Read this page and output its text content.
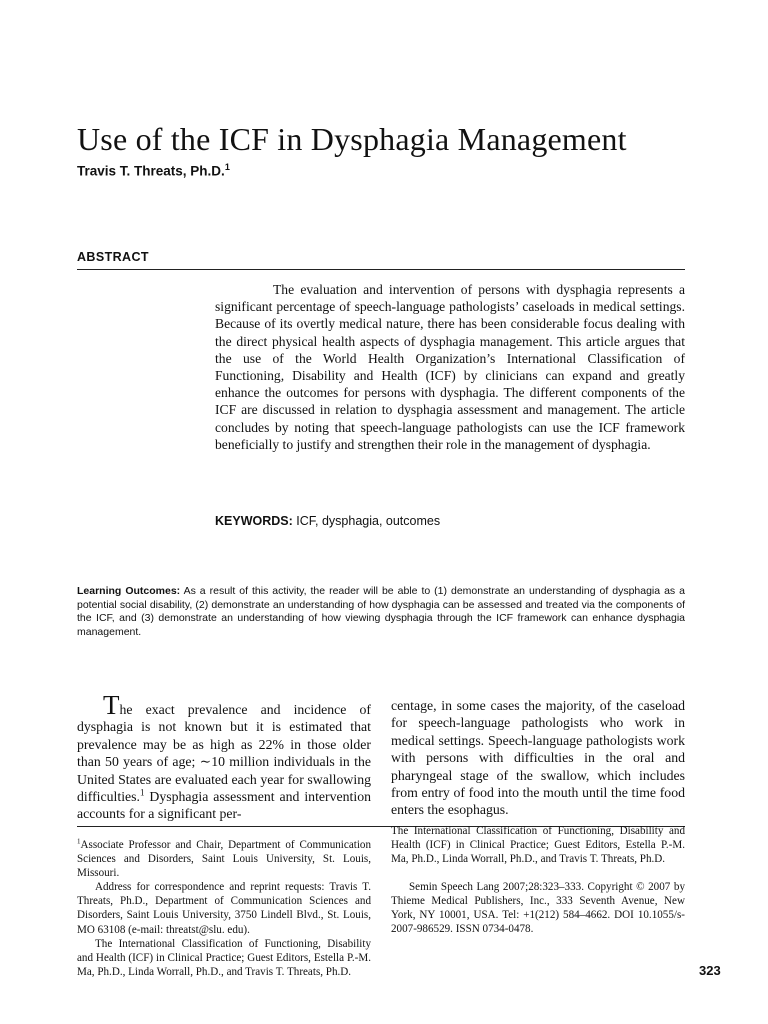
Use of the ICF in Dysphagia Management
Travis T. Threats, Ph.D.$^1$
ABSTRACT

The evaluation and intervention of persons with dysphagia represents a significant percentage of speech-language pathologists’ caseloads in medical settings. Because of its overtly medical nature, there has been considerable focus dealing with the direct physical health aspects of dysphagia management. This article argues that the use of the World Health Organization’s International Classification of Functioning, Disability and Health (ICF) by clinicians can expand and greatly enhance the outcomes for persons with dysphagia. The different components of the ICF are discussed in relation to dysphagia assessment and management. The article concludes by noting that speech-language pathologists can use the ICF framework beneficially to justify and strengthen their role in the management of dysphagia.

KEYWORDS: ICF, dysphagia, outcomes

Learning Outcomes: As a result of this activity, the reader will be able to (1) demonstrate an understanding of dysphagia as a potential social disability, (2) demonstrate an understanding of how dysphagia can be assessed and treated via the components of the ICF, and (3) demonstrate an understanding of how viewing dysphagia through the ICF framework can enhance dysphagia management.

The exact prevalence and incidence of dysphagia is not known but it is estimated that prevalence may be as high as 22% in those older than 50 years of age; ∼10 million individuals in the United States are evaluated each year for swallowing difficulties.$^1$ Dysphagia assessment and intervention accounts for a significant per-

centage, in some cases the majority, of the caseload for speech-language pathologists who work in medical settings. Speech-language pathologists work with persons with difficulties in the oral and pharyngeal stage of the swallow, which includes from entry of food into the mouth until the time food enters the esophagus.

$^1$Associate Professor and Chair, Department of Communication Sciences and Disorders, Saint Louis University, St. Louis, Missouri.

Address for correspondence and reprint requests: Travis T. Threats, Ph.D., Department of Communication Sciences and Disorders, Saint Louis University, 3750 Lindell Blvd., St. Louis, MO 63108 (e-mail: threatst@slu. edu).

The International Classification of Functioning, Disability and Health (ICF) in Clinical Practice; Guest Editors, Estella P.-M. Ma, Ph.D., Linda Worrall, Ph.D., and Travis T. Threats, Ph.D.

The International Classification of Functioning, Disability and Health (ICF) in Clinical Practice; Guest Editors, Estella P.-M. Ma, Ph.D., Linda Worrall, Ph.D., and Travis T. Threats, Ph.D.

Semin Speech Lang 2007;28:323–333. Copyright © 2007 by Thieme Medical Publishers, Inc., 333 Seventh Avenue, New York, NY 10001, USA. Tel: +1(212) 584–4662. DOI 10.1055/s-2007-986529. ISSN 0734-0478.

323
